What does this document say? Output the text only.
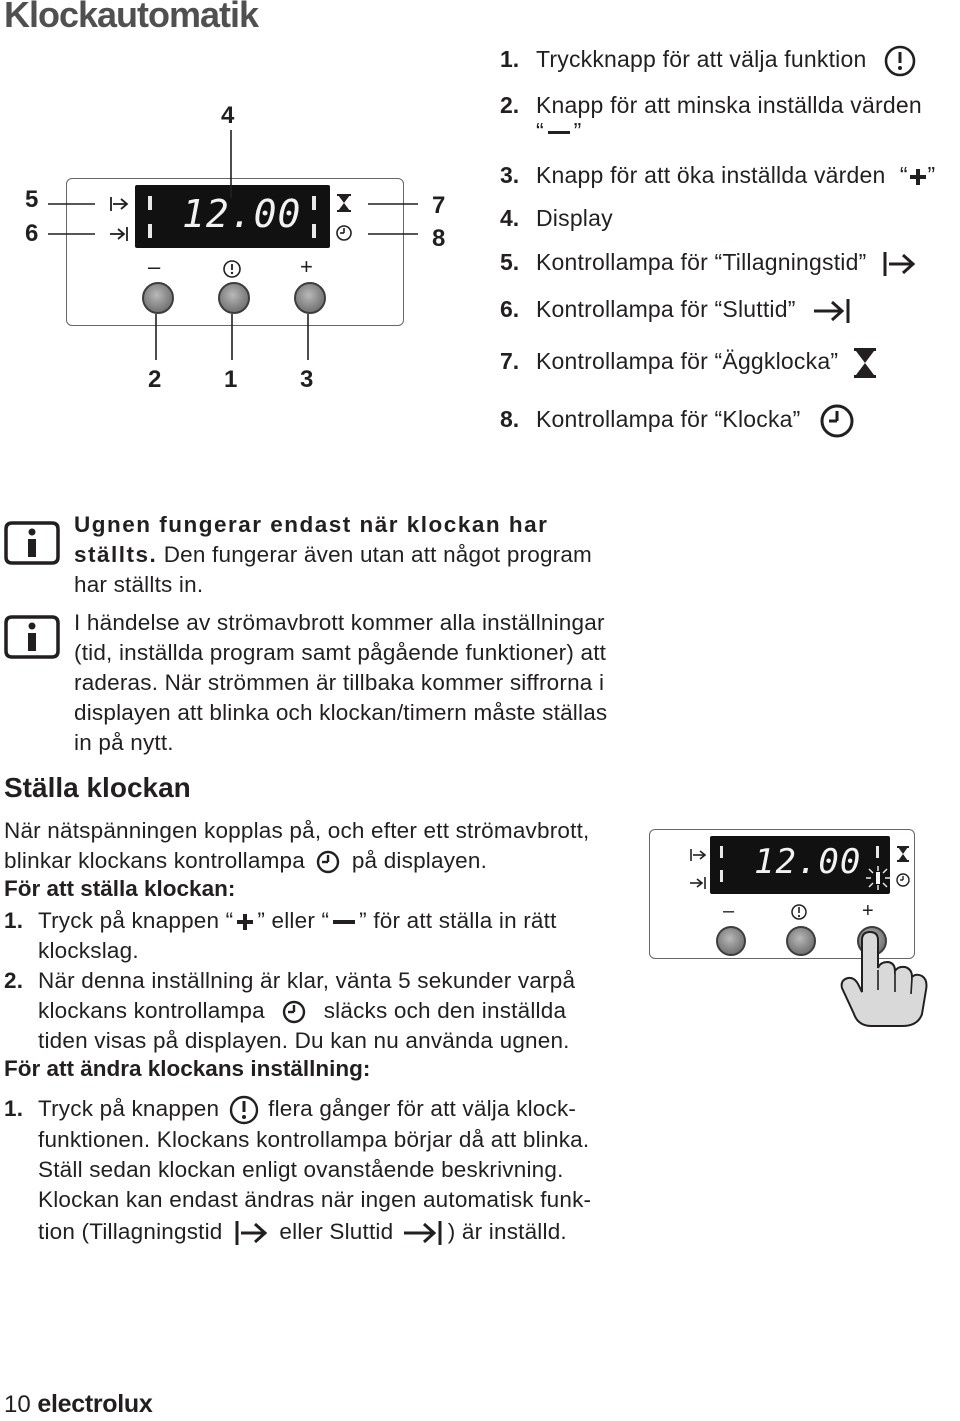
Klockautomatik
12.00
–	+
4
5
6
7
8
2	1	3
1. Tryckknapp för att välja funktion
2. Knapp för att minska inställda värden
“ ”
3. Knapp för att öka inställda värden “ ”
4. Display
5. Kontrollampa för “Tillagningstid”
6. Kontrollampa för “Sluttid”
7. Kontrollampa för “Äggklocka”
8. Kontrollampa för “Klocka”
Ugnen fungerar endast när klockan har ställts. Den fungerar även utan att något program har ställts in.
I händelse av strömavbrott kommer alla inställningar (tid, inställda program samt pågående funktioner) att raderas. När strömmen är tillbaka kommer siffrorna i displayen att blinka och klockan/timern måste ställas in på nytt.
Ställa klockan
När nätspänningen kopplas på, och efter ett strömavbrott,
blinkar klockans kontrollampa på displayen.
För att ställa klockan:
1. Tryck på knappen “ ” eller “ ” för att ställa in rätt
klockslag.
2. När denna inställning är klar, vänta 5 sekunder varpå
klockans kontrollampa	släcks och den inställda
tiden visas på displayen. Du kan nu använda ugnen.
För att ändra klockans inställning:
1. Tryck på knappen flera gånger för att välja klock-
funktionen. Klockans kontrollampa börjar då att blinka.
Ställ sedan klockan enligt ovanstående beskrivning.
Klockan kan endast ändras när ingen automatisk funk-
tion (Tillagningstid	eller Sluttid ) är inställd.
12.00
–	+
10 electrolux
